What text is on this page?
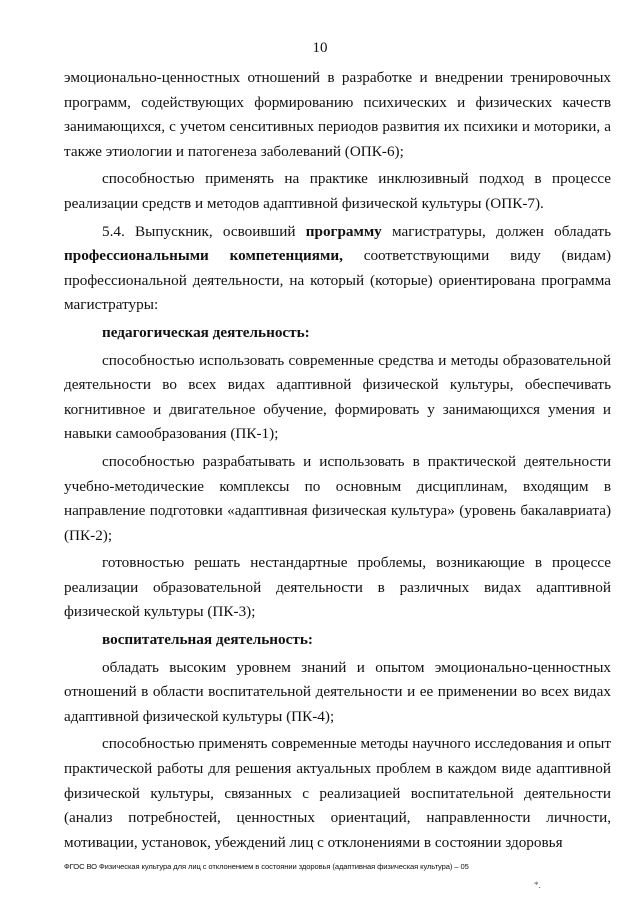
10

эмоционально-ценностных отношений в разработке и внедрении тренировочных программ, содействующих формированию психических и физических качеств занимающихся, с учетом сенситивных периодов развития их психики и моторики, а также этиологии и патогенеза заболеваний (ОПК-6);

способностью применять на практике инклюзивный подход в процессе реализации средств и методов адаптивной физической культуры (ОПК-7).

5.4. Выпускник, освоивший программу магистратуры, должен обладать профессиональными компетенциями, соответствующими виду (видам) профессиональной деятельности, на который (которые) ориентирована программа магистратуры:

педагогическая деятельность:

способностью использовать современные средства и методы образовательной деятельности во всех видах адаптивной физической культуры, обеспечивать когнитивное и двигательное обучение, формировать у занимающихся умения и навыки самообразования (ПК-1);

способностью разрабатывать и использовать в практической деятельности учебно-методические комплексы по основным дисциплинам, входящим в направление подготовки «адаптивная физическая культура» (уровень бакалавриата) (ПК-2);

готовностью решать нестандартные проблемы, возникающие в процессе реализации образовательной деятельности в различных видах адаптивной физической культуры (ПК-3);

воспитательная деятельность:

обладать высоким уровнем знаний и опытом эмоционально-ценностных отношений в области воспитательной деятельности и ее применении во всех видах адаптивной физической культуры (ПК-4);

способностью применять современные методы научного исследования и опыт практической работы для решения актуальных проблем в каждом виде адаптивной физической культуры, связанных с реализацией воспитательной деятельности (анализ потребностей, ценностных ориентаций, направленности личности, мотивации, установок, убеждений лиц с отклонениями в состоянии здоровья

ФГОС ВО Физическая культура для лиц с отклонением в состоянии здоровья (адаптивная физическая культура) – 05
*.
